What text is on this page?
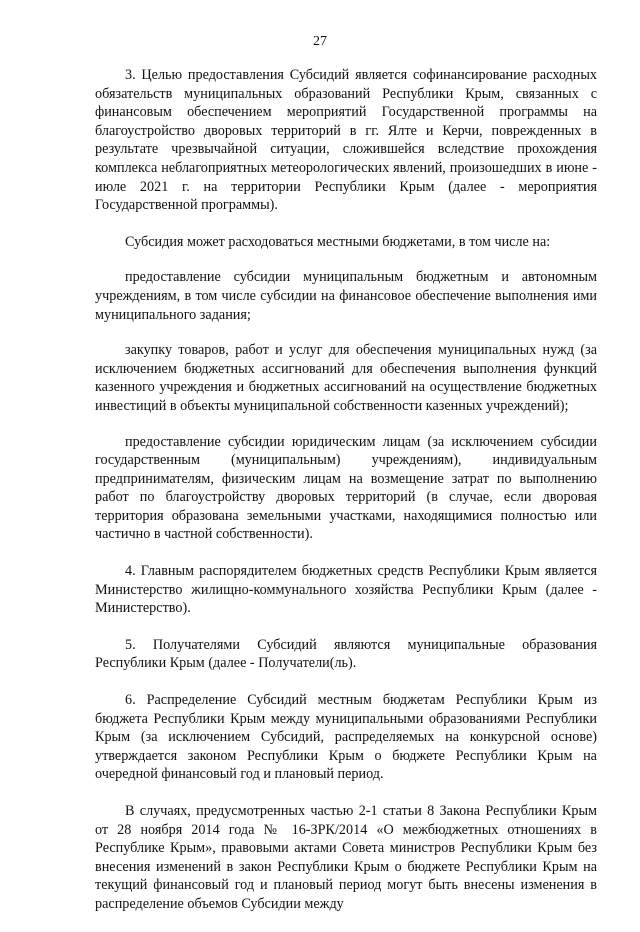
27

3. Целью предоставления Субсидий является софинансирование расходных обязательств муниципальных образований Республики Крым, связанных с финансовым обеспечением мероприятий Государственной программы на благоустройство дворовых территорий в гг. Ялте и Керчи, поврежденных в результате чрезвычайной ситуации, сложившейся вследствие прохождения комплекса неблагоприятных метеорологических явлений, произошедших в июне - июле 2021 г. на территории Республики Крым (далее - мероприятия Государственной программы).

Субсидия может расходоваться местными бюджетами, в том числе на:

предоставление субсидии муниципальным бюджетным и автономным учреждениям, в том числе субсидии на финансовое обеспечение выполнения ими муниципального задания;

закупку товаров, работ и услуг для обеспечения муниципальных нужд (за исключением бюджетных ассигнований для обеспечения выполнения функций казенного учреждения и бюджетных ассигнований на осуществление бюджетных инвестиций в объекты муниципальной собственности казенных учреждений);

предоставление субсидии юридическим лицам (за исключением субсидии государственным (муниципальным) учреждениям), индивидуальным предпринимателям, физическим лицам на возмещение затрат по выполнению работ по благоустройству дворовых территорий (в случае, если дворовая территория образована земельными участками, находящимися полностью или частично в частной собственности).

4. Главным распорядителем бюджетных средств Республики Крым является Министерство жилищно-коммунального хозяйства Республики Крым (далее - Министерство).

5. Получателями Субсидий являются муниципальные образования Республики Крым (далее - Получатели(ль).

6. Распределение Субсидий местным бюджетам Республики Крым из бюджета Республики Крым между муниципальными образованиями Республики Крым (за исключением Субсидий, распределяемых на конкурсной основе) утверждается законом Республики Крым о бюджете Республики Крым на очередной финансовый год и плановый период.

В случаях, предусмотренных частью 2-1 статьи 8 Закона Республики Крым от 28 ноября 2014 года № 16-ЗРК/2014 «О межбюджетных отношениях в Республике Крым», правовыми актами Совета министров Республики Крым без внесения изменений в закон Республики Крым о бюджете Республики Крым на текущий финансовый год и плановый период могут быть внесены изменения в распределение объемов Субсидии между
